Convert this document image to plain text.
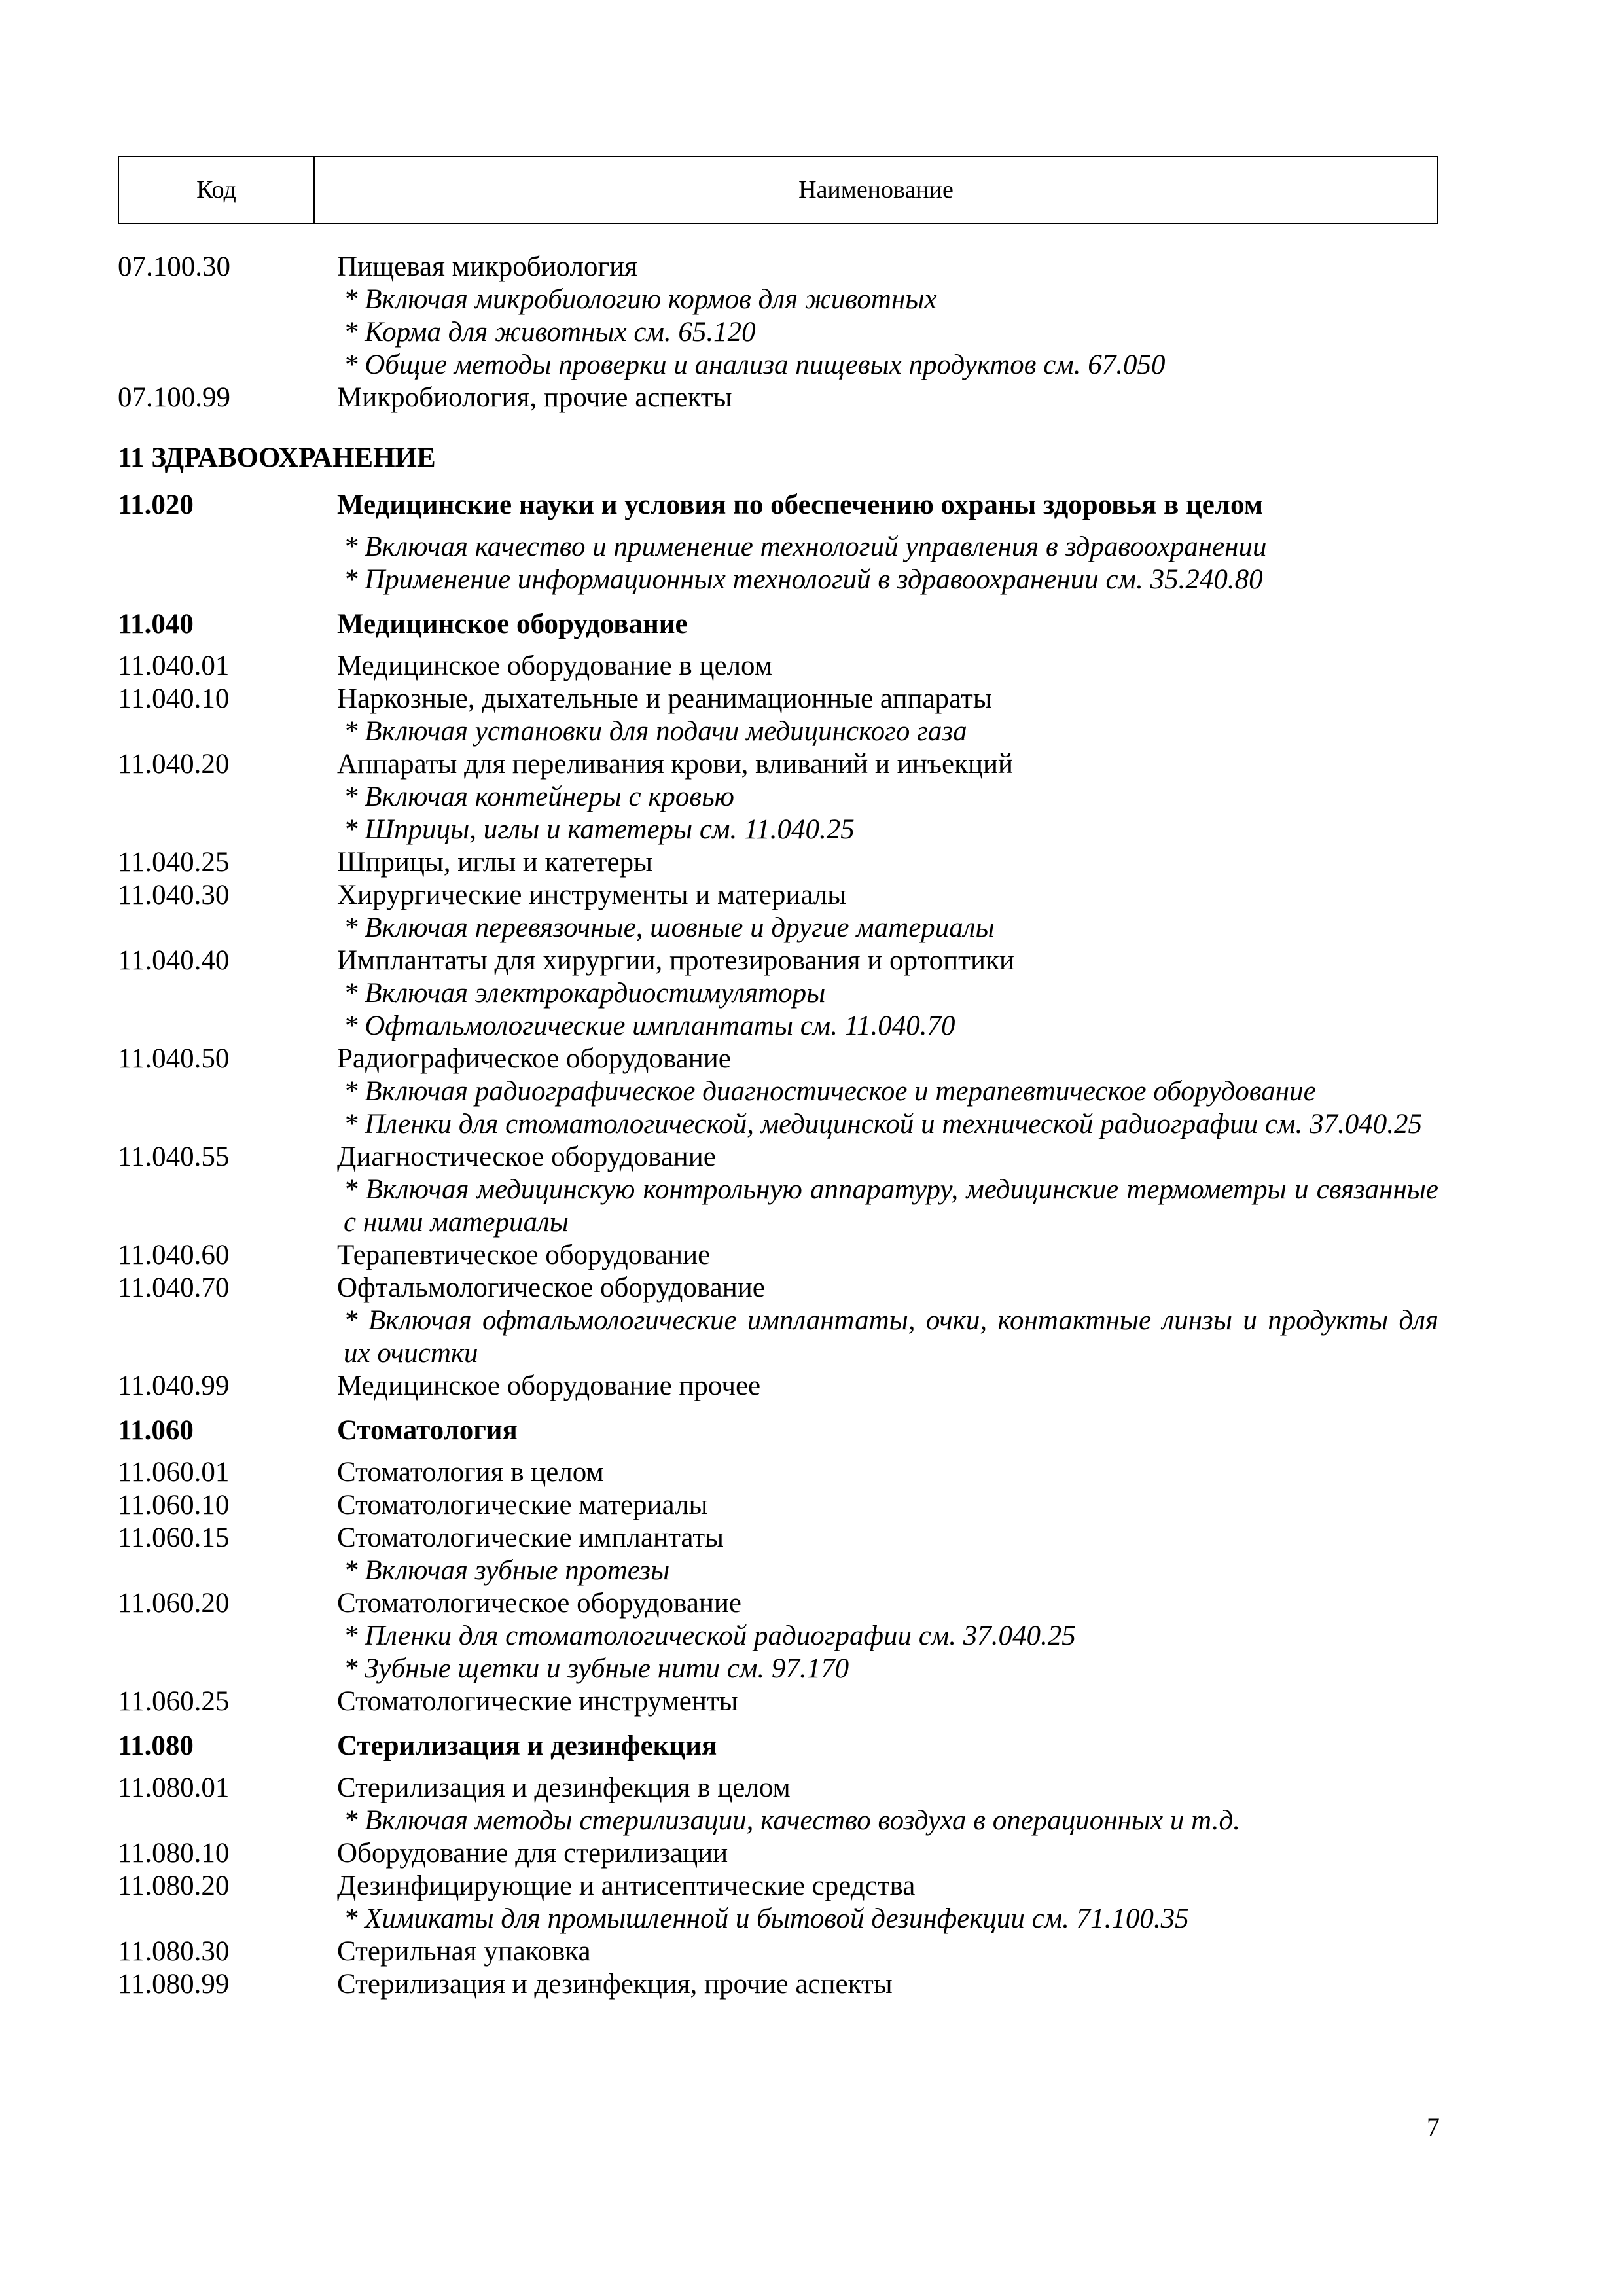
Код	Наименование
07.100.30	Пищевая микробиология
* Включая микробиологию кормов для животных
* Корма для животных см. 65.120
* Общие методы проверки и анализа пищевых продуктов см. 67.050
07.100.99	Микробиология, прочие аспекты
11 ЗДРАВООХРАНЕНИЕ
11.020	Медицинские науки и условия по обеспечению охраны здоровья в целом
* Включая качество и применение технологий управления в здравоохранении
* Применение информационных технологий в здравоохранении см. 35.240.80
11.040	Медицинское оборудование
11.040.01	Медицинское оборудование в целом
11.040.10	Наркозные, дыхательные и реанимационные аппараты
* Включая установки для подачи медицинского газа
11.040.20	Аппараты для переливания крови, вливаний и инъекций
* Включая контейнеры с кровью
* Шприцы, иглы и катетеры см. 11.040.25
11.040.25	Шприцы, иглы и катетеры
11.040.30	Хирургические инструменты и материалы
* Включая перевязочные, шовные и другие материалы
11.040.40	Имплантаты для хирургии, протезирования и ортоптики
* Включая электрокардиостимуляторы
* Офтальмологические имплантаты см. 11.040.70
11.040.50	Радиографическое оборудование
* Включая радиографическое диагностическое и терапевтическое оборудование
* Пленки для стоматологической, медицинской и технической радиографии см. 37.040.25
11.040.55	Диагностическое оборудование
* Включая медицинскую контрольную аппаратуру, медицинские термометры и связанные с ними материалы
11.040.60	Терапевтическое оборудование
11.040.70	Офтальмологическое оборудование
* Включая офтальмологические имплантаты, очки, контактные линзы и продукты для их очистки
11.040.99	Медицинское оборудование прочее
11.060	Стоматология
11.060.01	Стоматология в целом
11.060.10	Стоматологические материалы
11.060.15	Стоматологические имплантаты
* Включая зубные протезы
11.060.20	Стоматологическое оборудование
* Пленки для стоматологической радиографии см. 37.040.25
* Зубные щетки и зубные нити см. 97.170
11.060.25	Стоматологические инструменты
11.080	Стерилизация и дезинфекция
11.080.01	Стерилизация и дезинфекция в целом
* Включая методы стерилизации, качество воздуха в операционных и т.д.
11.080.10	Оборудование для стерилизации
11.080.20	Дезинфицирующие и антисептические средства
* Химикаты для промышленной и бытовой дезинфекции см. 71.100.35
11.080.30	Стерильная упаковка
11.080.99	Стерилизация и дезинфекция, прочие аспекты
7
